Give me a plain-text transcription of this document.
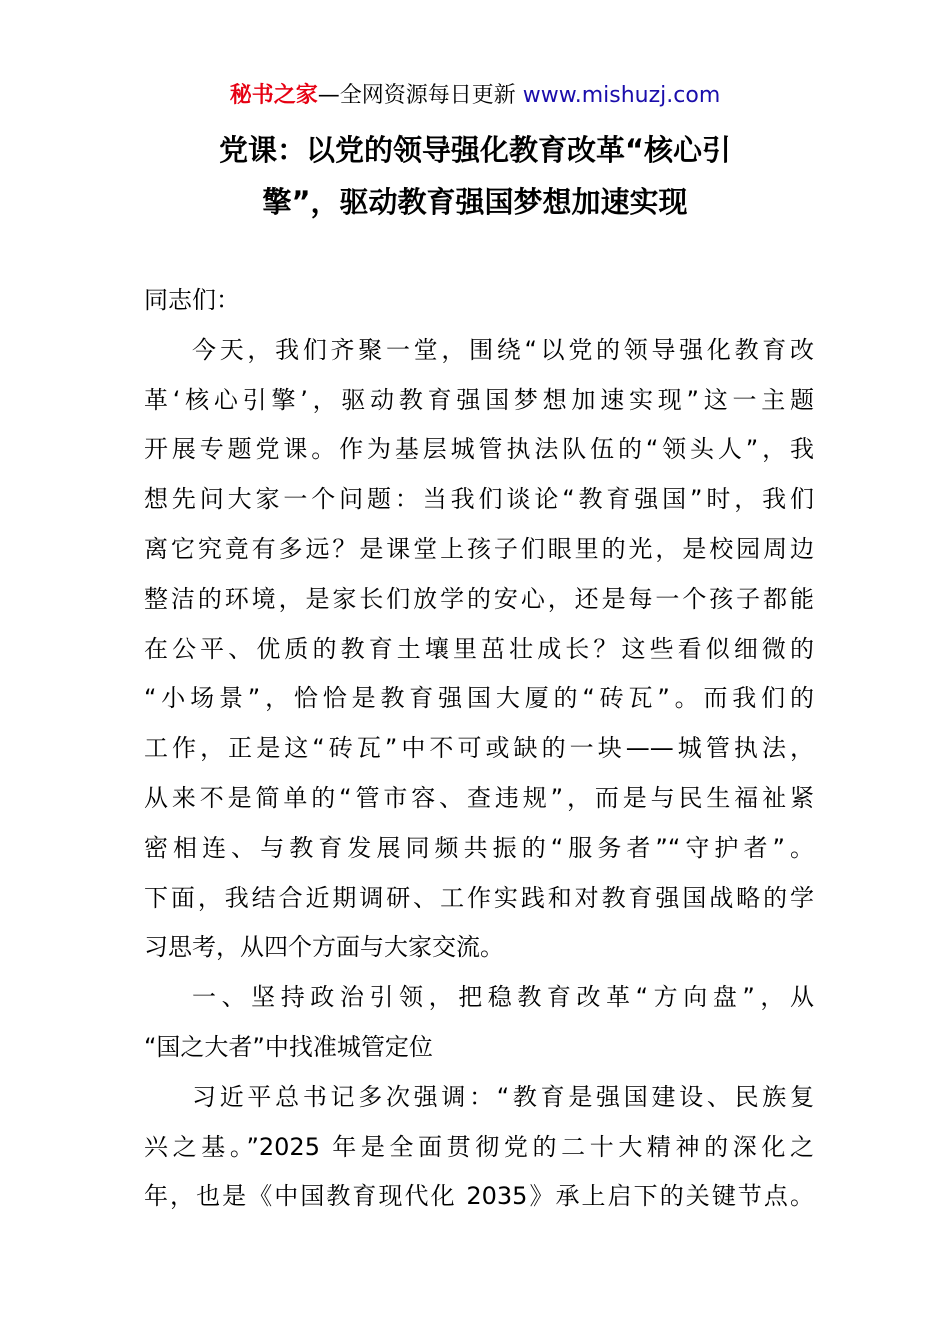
秘书之家—全网资源每日更新 www.mishuzj.com
党课：以党的领导强化教育改革“核心引
擎”，驱动教育强国梦想加速实现
同志们：
今天，我们齐聚一堂，围绕“以党的领导强化教育改
革‘核心引擎’，驱动教育强国梦想加速实现”这一主题
开展专题党课。作为基层城管执法队伍的“领头人”，我
想先问大家一个问题：当我们谈论“教育强国”时，我们
离它究竟有多远？是课堂上孩子们眼里的光，是校园周边
整洁的环境，是家长们放学的安心，还是每一个孩子都能
在公平、优质的教育土壤里茁壮成长？这些看似细微的
“小场景”，恰恰是教育强国大厦的“砖瓦”。而我们的
工作，正是这“砖瓦”中不可或缺的一块——城管执法，
从来不是简单的“管市容、查违规”，而是与民生福祉紧
密相连、与教育发展同频共振的“服务者”“守护者”。
下面，我结合近期调研、工作实践和对教育强国战略的学
习思考，从四个方面与大家交流。
一、坚持政治引领，把稳教育改革“方向盘”，从
“国之大者”中找准城管定位
习近平总书记多次强调：“教育是强国建设、民族复
兴之基。”2025 年是全面贯彻党的二十大精神的深化之
年，也是《中国教育现代化 2035》承上启下的关键节点。
